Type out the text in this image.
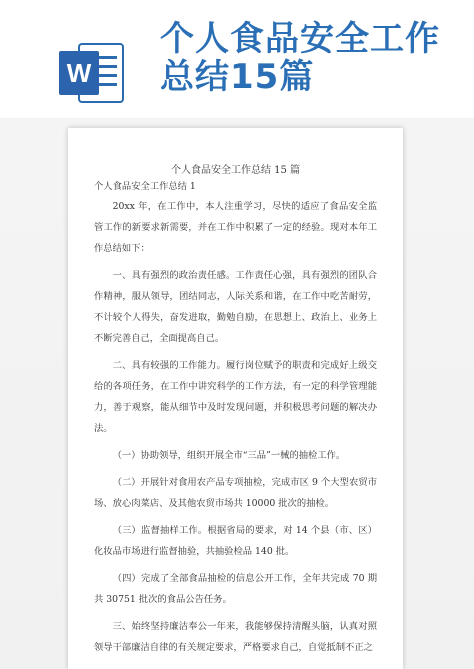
W
个人食品安全工作
总结15篇
个人食品安全工作总结 15 篇
个人食品安全工作总结 1

20xx 年，在工作中，本人注重学习，尽快的适应了食品安全监管工作的新要求新需要，并在工作中积累了一定的经验。现对本年工作总结如下：

一、具有强烈的政治责任感。工作责任心强，具有强烈的团队合作精神，服从领导，团结同志，人际关系和谐，在工作中吃苦耐劳，不计较个人得失，奋发进取，勤勉自励，在思想上、政治上、业务上不断完善自己，全面提高自己。

二、具有较强的工作能力。履行岗位赋予的职责和完成好上级交给的各项任务，在工作中讲究科学的工作方法，有一定的科学管理能力，善于观察，能从细节中及时发现问题，并积极思考问题的解决办法。

（一）协助领导，组织开展全市“三品”一械的抽检工作。

（二）开展针对食用农产品专项抽检，完成市区 9 个大型农贸市场、放心肉菜店、及其他农贸市场共 10000 批次的抽检。

（三）监督抽样工作。根据省局的要求，对 14 个县（市、区）化妆品市场进行监督抽验，共抽验检品 140 批。

（四）完成了全部食品抽检的信息公开工作，全年共完成 70 期共 30751 批次的食品公告任务。

三、始终坚持廉洁奉公一年来，我能够保持清醒头脑，认真对照领导干部廉洁自律的有关规定要求，严格要求自己，自觉抵制不正之
